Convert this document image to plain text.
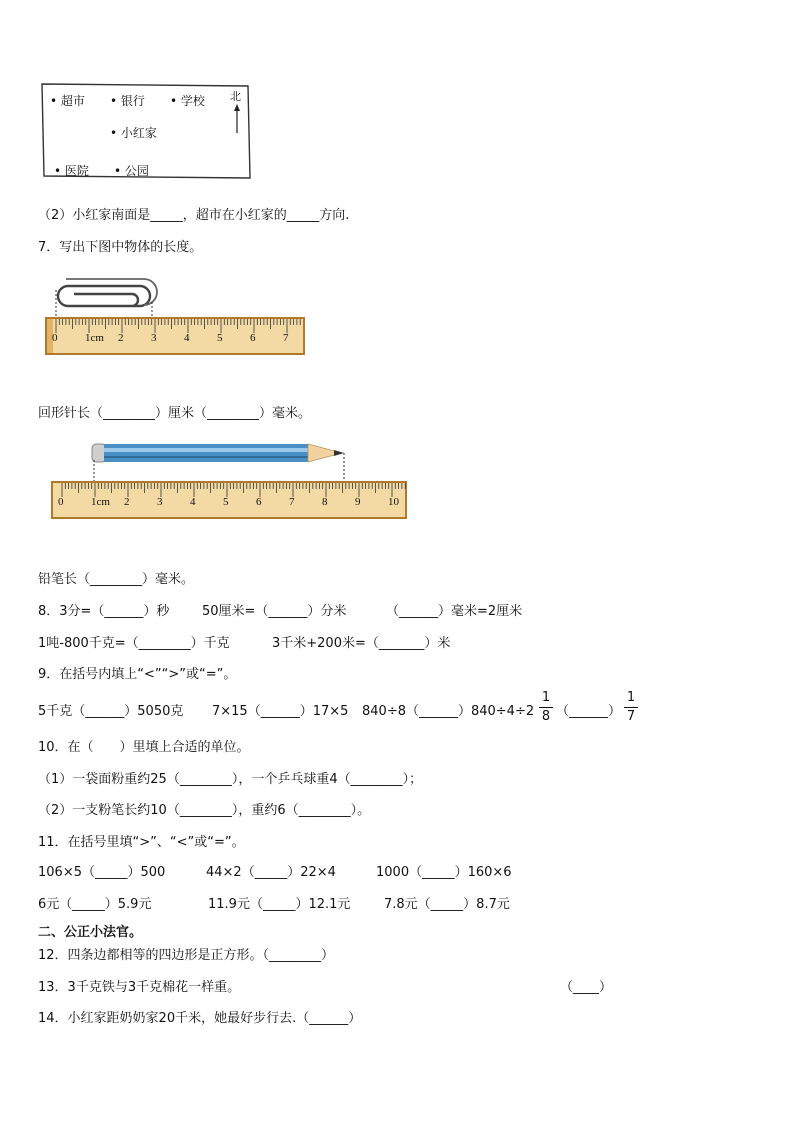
• 超市 • 银行 • 学校 北
• 小红家
• 医院 • 公园
（2）小红家南面是_____，超市在小红家的_____方向.
7．写出下图中物体的长度。
0	1cm 2	3	4	5	6	7
回形针长（________）厘米（________）毫米。
0	1cm 2	3	4	5	6	7	8	9	10
铅笔长（________）毫米。
8．3分=（______）秒	50厘米=（______）分米	（______）毫米=2厘米
1吨-800千克=（________）千克	3千米+200米=（_______）米
9．在括号内填上“<”“>”或“=”。
5千克（______）5050克 7×15（______）17×5 840÷8（______）840÷4÷2
1
8 （______）
1
7
10．在（　　）里填上合适的单位。
（1）一袋面粉重约25（________），一个乒乓球重4（________）；
（2）一支粉笔长约10（________），重约6（________）。
11．在括号里填“>”、“<”或“=”。
106×5（_____）500	44×2（_____）22×4	1000（_____）160×6
6元（_____）5.9元	11.9元（_____）12.1元	7.8元（_____）8.7元
二、公正小法官。
12．四条边都相等的四边形是正方形。（________）
13．3千克铁与3千克棉花一样重。	（____）
14．小红家距奶奶家20千米，她最好步行去.（______）
